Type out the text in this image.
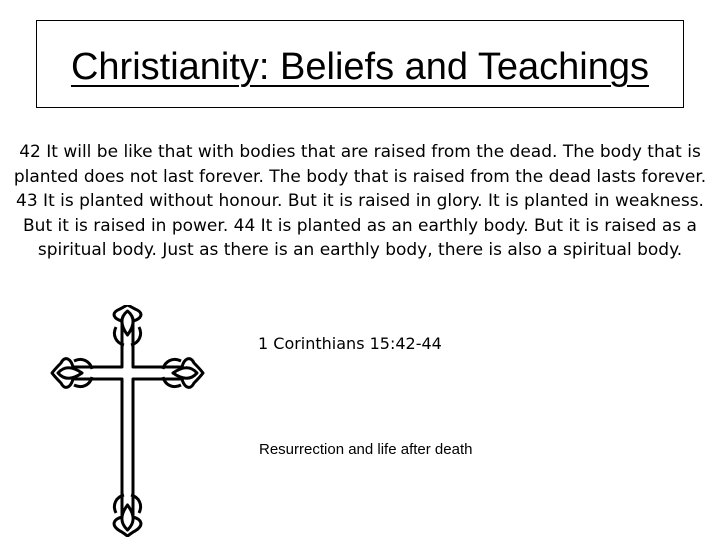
Christianity: Beliefs and Teachings

42 It will be like that with bodies that are raised from the dead. The body that is planted does not last forever. The body that is raised from the dead lasts forever. 43 It is planted without honour. But it is raised in glory. It is planted in weakness. But it is raised in power. 44 It is planted as an earthly body. But it is raised as a spiritual body. Just as there is an earthly body, there is also a spiritual body.

1 Corinthians 15:42-44
Resurrection and life after death
